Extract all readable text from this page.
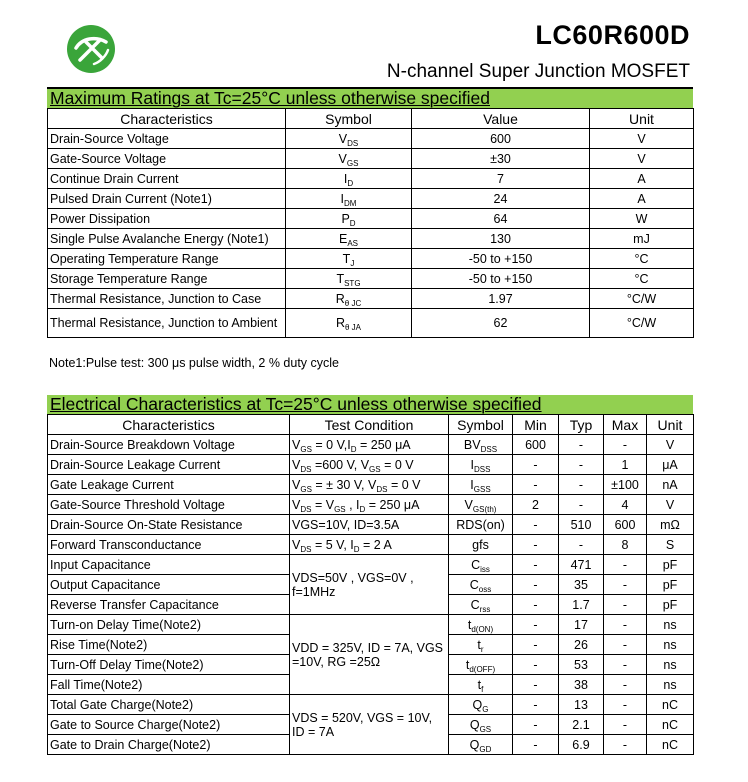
LC60R600D
N-channel Super Junction MOSFET
Maximum Ratings at Tc=25°C unless otherwise specified
Characteristics	Symbol	Value	Unit
Drain-Source Voltage	$V_{DS}$	600	V
Gate-Source Voltage	$V_{GS}$	±30	V
Continue Drain Current	$I_D$	7	A
Pulsed Drain Current (Note1)	$I_{DM}$	24	A
Power Dissipation	$P_D$	64	W
Single Pulse Avalanche Energy (Note1)	$E_{AS}$	130	mJ
Operating Temperature Range	$T_J$	-50 to +150	°C
Storage Temperature Range	$T_{STG}$	-50 to +150	°C
Thermal Resistance, Junction to Case	$R_{\theta JC}$	1.97	°C/W
Thermal Resistance, Junction to Ambient	$R_{\theta JA}$	62	°C/W
Note1:Pulse test: 300 μs pulse width, 2 % duty cycle
Electrical Characteristics at Tc=25°C unless otherwise specified
Characteristics	Test Condition	Symbol	Min	Typ	Max	Unit
Drain-Source Breakdown Voltage	$V_{GS} = 0$ $V,I_D = 250$ μA	$BV_{DSS}$	600	-	-	V
Drain-Source Leakage Current	$V_{DS} =600$ V, $V_{GS} = 0$ V	$I_{DSS}$	-	-	1	μA
Gate Leakage Current	$V_{GS}$ = ± 30 V, $V_{DS} = 0$ V	$I_{GSS}$	-	-	±100	nA
Gate-Source Threshold Voltage	$V_{DS} = V_{GS}$ , $I_D = 250$ μA	$V_{GS(th)}$	2	-	4	V
Drain-Source On-State Resistance	VGS=10V, ID=3.5A	RDS(on)	-	510	600	mΩ
Forward Transconductance	$V_{DS} = 5$ V, $I_D = 2$ A	gfs	-	-	8	S
Input Capacitance	VDS=50V , VGS=0V , f=1MHz	$C_{iss}$	-	471	-	pF
Output Capacitance		$C_{oss}$	-	35	-	pF
Reverse Transfer Capacitance		$C_{rss}$	-	1.7	-	pF
Turn-on Delay Time(Note2)	VDD = 325V, ID = 7A, VGS =10V, RG =25Ω	$t_{d(ON)}$	-	17	-	ns
Rise Time(Note2)		$t_r$	-	26	-	ns
Turn-Off Delay Time(Note2)		$t_{d(OFF)}$	-	53	-	ns
Fall Time(Note2)		$t_f$	-	38	-	ns
Total Gate Charge(Note2)	VDS = 520V, VGS = 10V, ID = 7A	$Q_G$	-	13	-	nC
Gate to Source Charge(Note2)		$Q_{GS}$	-	2.1	-	nC
Gate to Drain Charge(Note2)		$Q_{GD}$	-	6.9	-	nC
